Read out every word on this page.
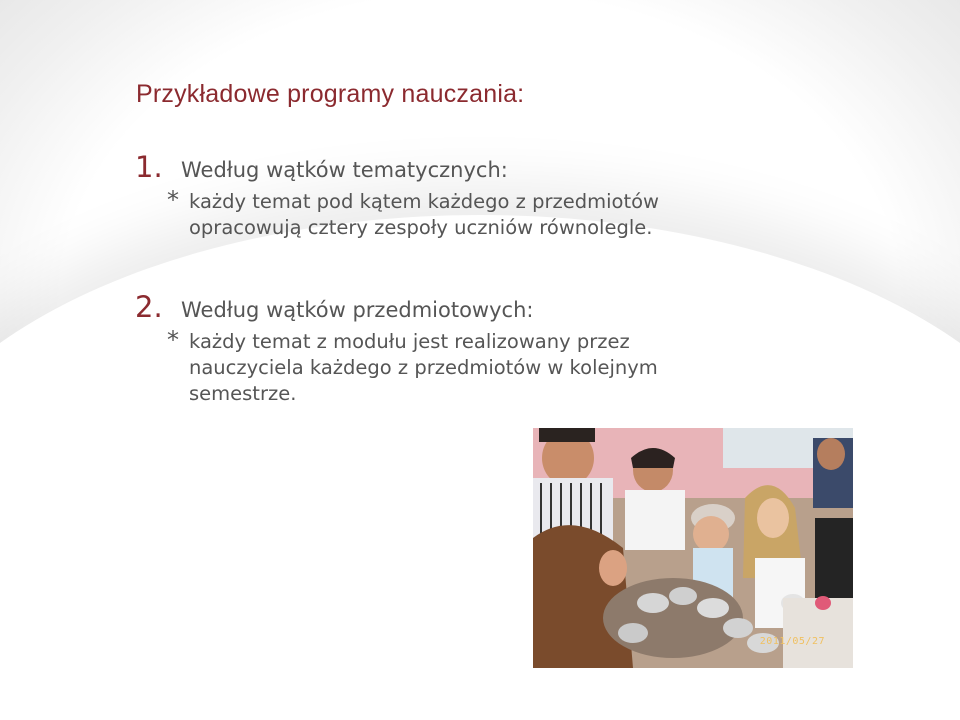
Przykładowe programy nauczania:
1. Według wątków tematycznych:
* każdy temat pod kątem każdego z przedmiotów opracowują cztery zespoły uczniów równolegle.
2. Według wątków przedmiotowych:
* każdy temat z modułu jest realizowany przez nauczyciela każdego z przedmiotów w kolejnym semestrze.
2011/05/27
